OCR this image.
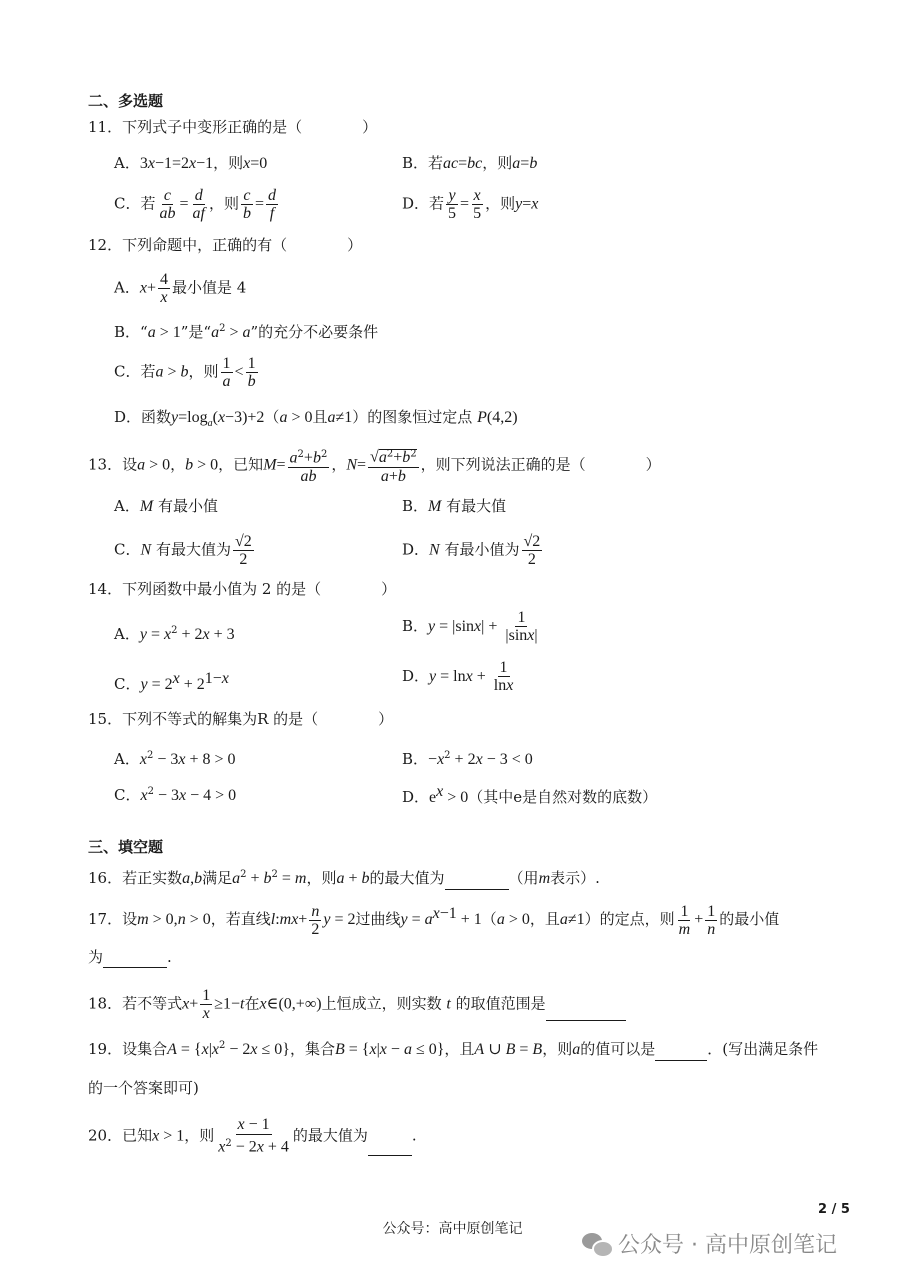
二、多选题
11．下列式子中变形正确的是（　　　　）
A．3x−1=2x−1，则x=0	B．若ac=bc，则a=b
C．若 $\frac{c}{ab} = \frac{d}{af}$ ，则 $\frac{c}{b} = \frac{d}{f}$	D．若 $\frac{y}{5} = \frac{x}{5}$ ，则y=x
12．下列命题中，正确的有（　　　　）
A．$x+ \frac{4}{x}$ 最小值是 4
B．“a > 1”是“$a^2 > a$”的充分不必要条件
C．若a > b，则 $\frac{1}{a} < \frac{1}{b}$
D．函数$y=\log_a(x-3)+2(a > 0$且a≠1）的图象恒过定点 P(4,2)
13．设a > 0，b > 0，已知$M= \frac{a^2+b^2}{ab}$ ，$N= \frac{√a^2+b^2}{a+b}$ ，则下列说法正确的是（　　　　）
A．M 有最小值	B．M 有最大值
C．N 有最大值为 $\frac{√2}{2}$	D．N 有最小值为 $\frac{√2}{2}$
14．下列函数中最小值为 2 的是（　　　　）
A．$y = x^2 + 2x + 3$	B．$y = |\sin x| + \frac{1}{|\sin x|}$
C．$y = 2^x + 2^{1-x}$	D．$y = \ln x + \frac{1}{\ln x}$
15．下列不等式的解集为R 的是（　　　　）
A．$x^2 - 3x + 8 > 0$	B．$-x^2 + 2x - 3 < 0$
C．$x^2 - 3x - 4 > 0$	D．$e^x > 0$（其中e是自然对数的底数）
三、填空题
16．若正实数a,b满足$a^2 + b^2 = m$，则a + b的最大值为	（用m表示）.
17．设m > 0,n > 0，若直线l:mx+ $\frac{n}{2}$ y = 2过曲线$y = a^{x-1} + 1(a > 0$，且a≠1）的定点，则 $\frac{1}{m} + \frac{1}{n}$ 的最小值
为	.
18．若不等式$x+ \frac{1}{x} \ge 1-t$在x∈(0,+∞)上恒成立，则实数 t 的取值范围是
19．设集合$A = \{x|x^2 - 2x \le 0\}$，集合B = {x|x − a ≤ 0}，且A ∪ B = B，则a的值可以是	．(写出满足条件
的一个答案即可)
20．已知x > 1，则 $\frac{x - 1}{x^2 - 2x + 4}$ 的最大值为	.
2 / 5
公众号：高中原创笔记
公众号 · 高中原创笔记
